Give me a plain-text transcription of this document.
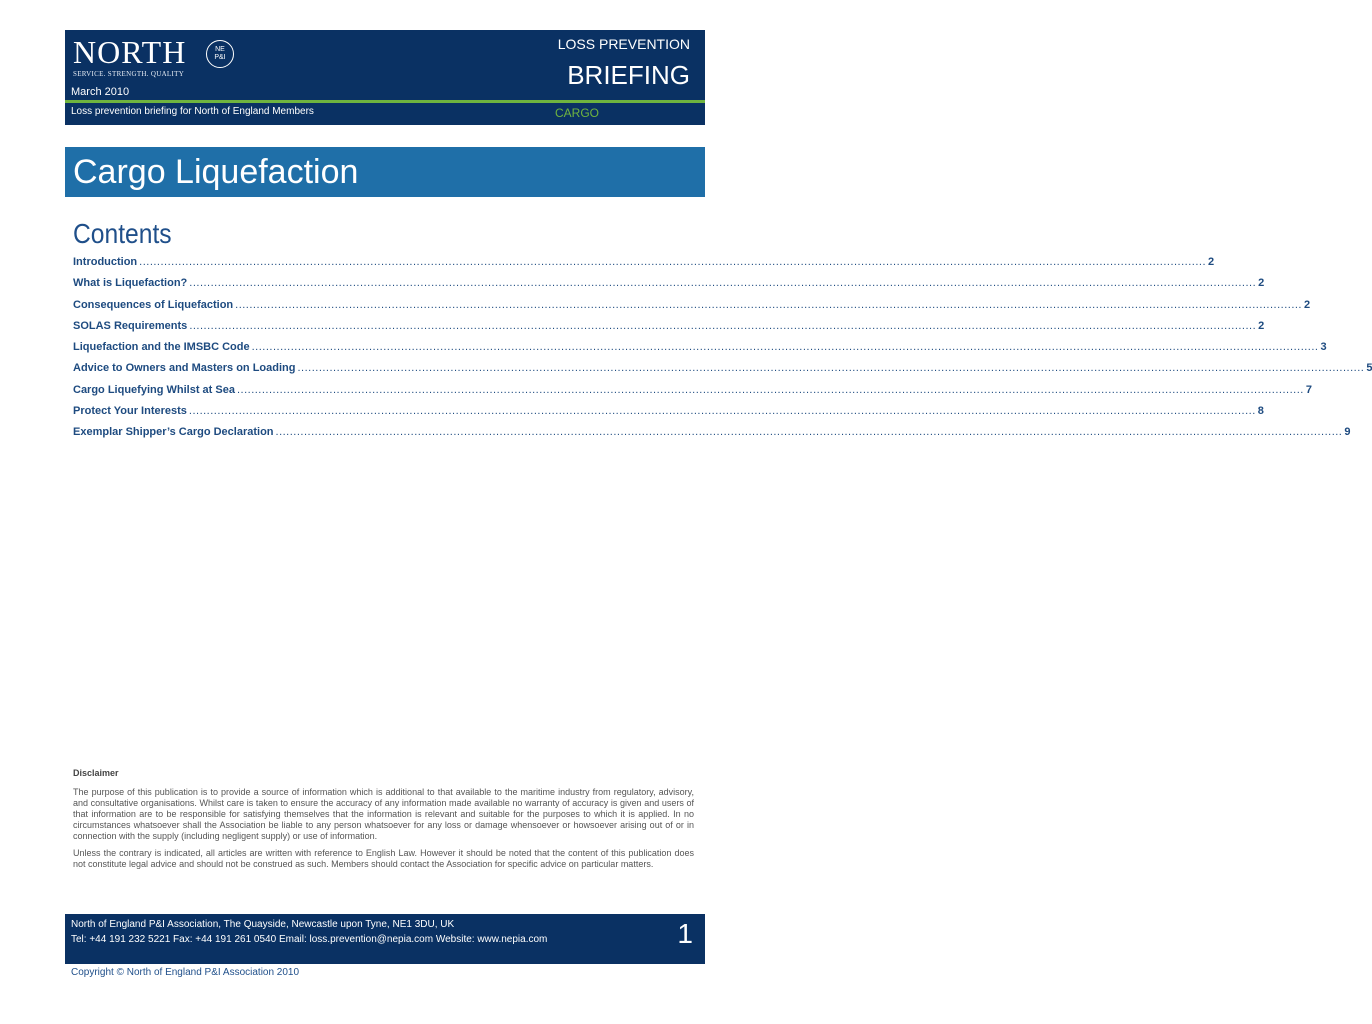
NORTH	NE
P&I
SERVICE. STRENGTH. QUALITY
March 2010
LOSS PREVENTION
BRIEFING
Loss prevention briefing for North of England Members	CARGO
Cargo Liquefaction
Contents
Introduction ............................................................................................................................................................................................................................................................................................................ 2
What is Liquefaction? ............................................................................................................................................................................................................................................................................................................ 2
Consequences of Liquefaction ............................................................................................................................................................................................................................................................................................................ 2
SOLAS Requirements ............................................................................................................................................................................................................................................................................................................ 2
Liquefaction and the IMSBC Code ............................................................................................................................................................................................................................................................................................................ 3
Advice to Owners and Masters on Loading ............................................................................................................................................................................................................................................................................................................ 5
Cargo Liquefying Whilst at Sea ............................................................................................................................................................................................................................................................................................................ 7
Protect Your Interests ............................................................................................................................................................................................................................................................................................................ 8
Exemplar Shipper’s Cargo Declaration ............................................................................................................................................................................................................................................................................................................ 9
Disclaimer

The purpose of this publication is to provide a source of information which is additional to that available to the maritime industry from regulatory, advisory, and consultative organisations. Whilst care is taken to ensure the accuracy of any information made available no warranty of accuracy is given and users of that information are to be responsible for satisfying themselves that the information is relevant and suitable for the purposes to which it is applied. In no circumstances whatsoever shall the Association be liable to any person whatsoever for any loss or damage whensoever or howsoever arising out of or in connection with the supply (including negligent supply) or use of information.

Unless the contrary is indicated, all articles are written with reference to English Law. However it should be noted that the content of this publication does not constitute legal advice and should not be construed as such. Members should contact the Association for specific advice on particular matters.

North of England P&I Association, The Quayside, Newcastle upon Tyne, NE1 3DU, UK
Tel: +44 191 232 5221 Fax: +44 191 261 0540 Email: loss.prevention@nepia.com Website: www.nepia.com	1
Copyright © North of England P&I Association 2010
